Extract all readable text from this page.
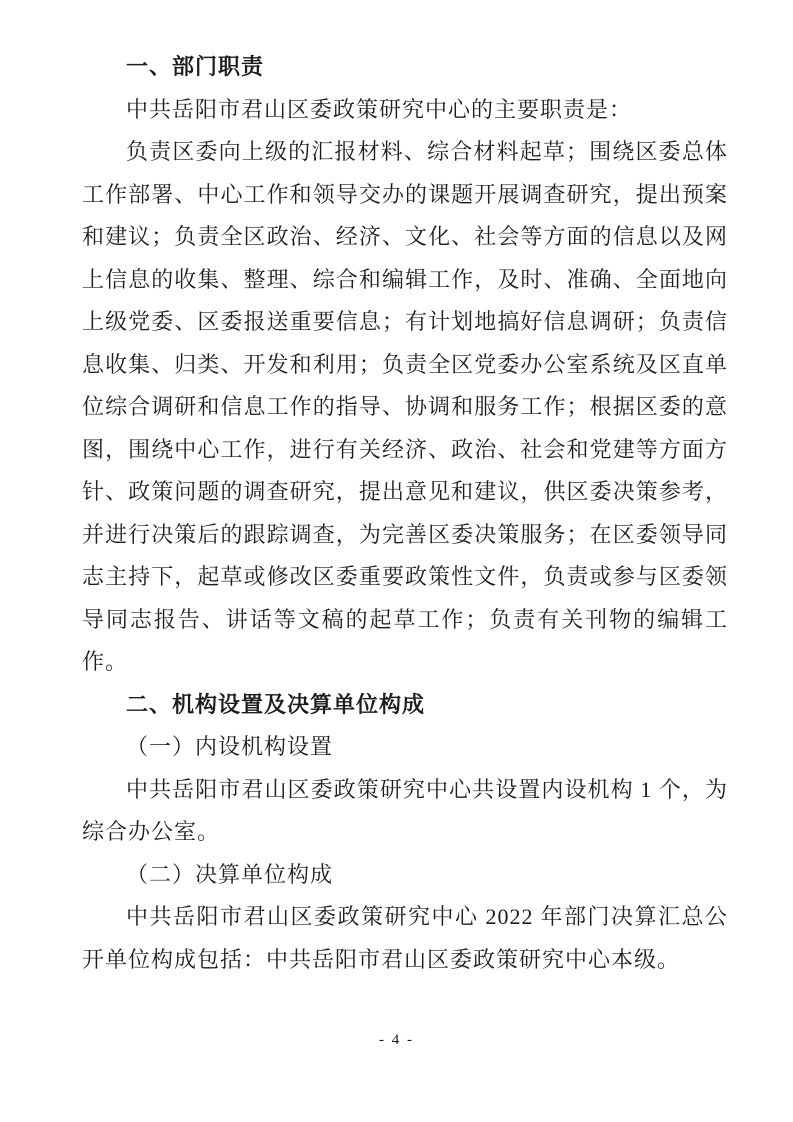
一、部门职责

中共岳阳市君山区委政策研究中心的主要职责是：

负责区委向上级的汇报材料、综合材料起草；围绕区委总体工作部署、中心工作和领导交办的课题开展调查研究，提出预案和建议；负责全区政治、经济、文化、社会等方面的信息以及网上信息的收集、整理、综合和编辑工作，及时、准确、全面地向上级党委、区委报送重要信息；有计划地搞好信息调研；负责信息收集、归类、开发和利用；负责全区党委办公室系统及区直单位综合调研和信息工作的指导、协调和服务工作；根据区委的意图，围绕中心工作，进行有关经济、政治、社会和党建等方面方针、政策问题的调查研究，提出意见和建议，供区委决策参考，并进行决策后的跟踪调查，为完善区委决策服务；在区委领导同志主持下，起草或修改区委重要政策性文件，负责或参与区委领导同志报告、讲话等文稿的起草工作；负责有关刊物的编辑工作。

二、机构设置及决算单位构成

（一）内设机构设置

中共岳阳市君山区委政策研究中心共设置内设机构 1 个，为综合办公室。

（二）决算单位构成

中共岳阳市君山区委政策研究中心 2022 年部门决算汇总公开单位构成包括：中共岳阳市君山区委政策研究中心本级。

- 4 -
